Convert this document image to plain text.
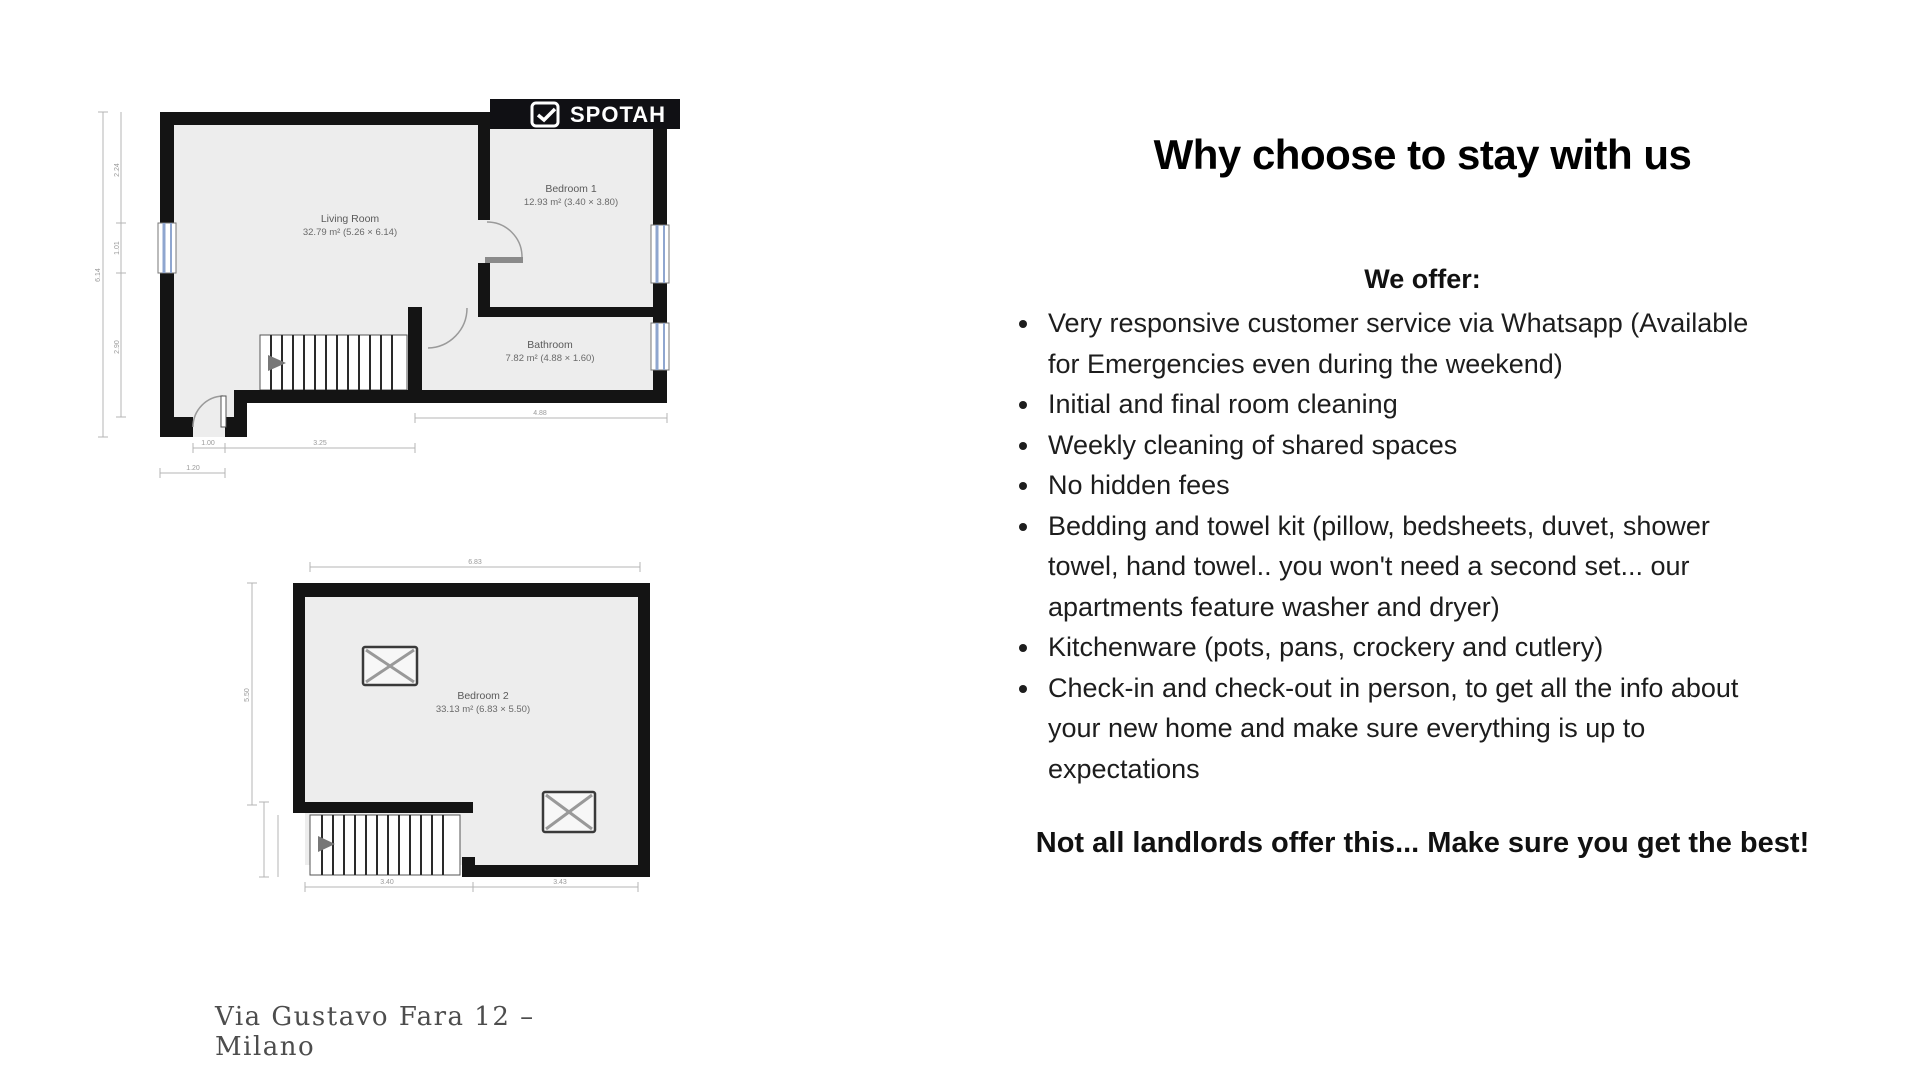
SPOTAH
Living Room
32.79 m² (5.26 × 6.14)
Bedroom 1
12.93 m² (3.40 × 3.80)
Bathroom
7.82 m² (4.88 × 1.60)
6.14
2.24
1.01
2.90
4.88
1.00	3.25
1.20
Bedroom 2
33.13 m² (6.83 × 5.50)
6.83
5.50
3.40	3.43
Via Gustavo Fara 12 – Milano
Why choose to stay with us
We offer:
• Very responsive customer service via Whatsapp (Available for Emergencies even during the weekend)
• Initial and final room cleaning
• Weekly cleaning of shared spaces
• No hidden fees
• Bedding and towel kit (pillow, bedsheets, duvet, shower towel, hand towel.. you won't need a second set... our apartments feature washer and dryer)
• Kitchenware (pots, pans, crockery and cutlery)
• Check-in and check-out in person, to get all the info about your new home and make sure everything is up to expectations
Not all landlords offer this... Make sure you get the best!
